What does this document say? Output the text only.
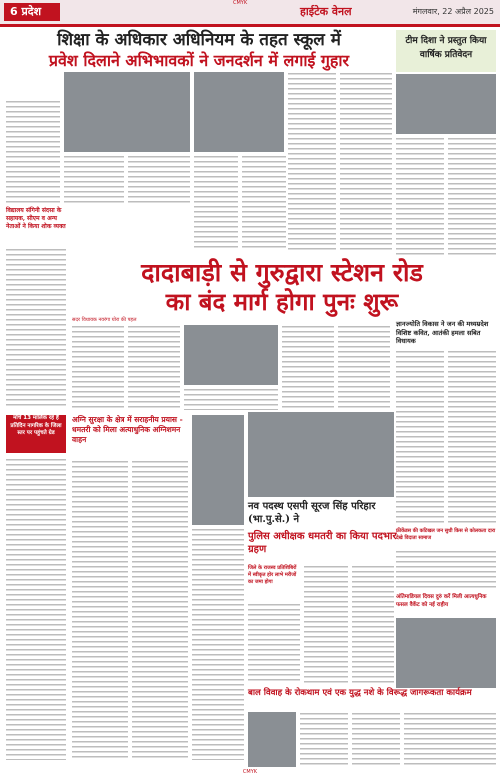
6 प्रदेश
CMYK
हाईटेक वेनल	मंगलवार, 22 अप्रैल 2025
शिक्षा के अधिकार अधिनियम के तहत स्कूल में
प्रवेश दिलाने अभिभावकों ने जनदर्शन में लगाई गुहार
टीम दिशा ने प्रस्तुत किया वार्षिक प्रतिवेदन
विद्यालय संगिनी संदसा के सहायक, सीएम व अन्य नेताओं ने किया शोक व्यक्त
दादाबाड़ी से गुरुद्वारा स्टेशन रोड
का बंद मार्ग होगा पुनः शुरू
सदर विधायक नवरंगा योरा की पहल	ज्ञानज्योति विकास ने जन की मध्यम्रदेश विशिष्ट कवित, आतंकी हमला सबित विधायक
अग्नि सुरक्षा के क्षेत्र में सराहनीय प्रयास - धमतरी को मिला अत्याधुनिक अग्निशमन वाहन
मॉर्च 13 मालिक रहे हैं प्रतिदिन नागरिक के जिला स्तर पर पहुंचते ग्रेड
नव पदस्थ एसपी सूरज सिंह परिहार (भा.पु.से.) ने
पुलिस अधीक्षक धमतरी का किया पदभार ग्रहण
जिले के राजस्व प्रतिशिबिरों में स्वीकृत होर लाभे मरीजों का जमा होगा
फ्रीकेंडस की कटिखल जन सुधी किस से कोलकता दारा देखे विदाता सामाज
अंतिमाडियल दिवस दुरुं करें मिली आत्यधुनिक फसल वैकेंट को नई राहीय
बाल विवाह के रोकथाम एवं एक युद्ध नशे के विरूद्ध जागरूकता कार्यक्रम
CMYK
